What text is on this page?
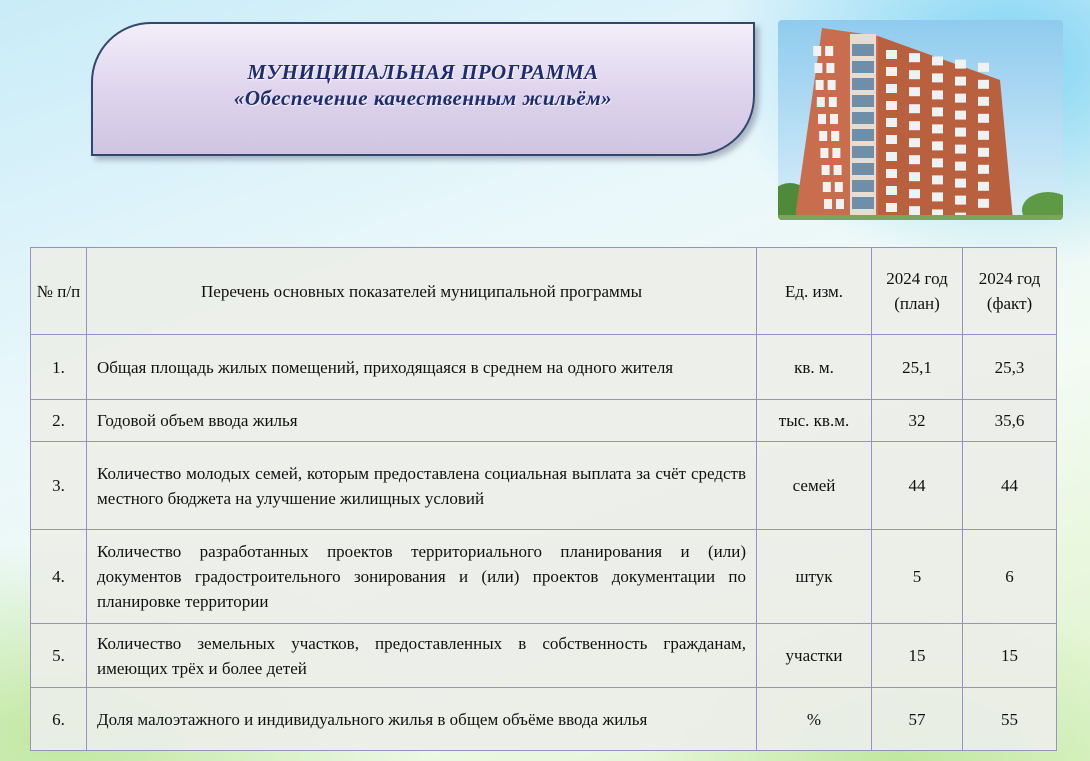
МУНИЦИПАЛЬНАЯ ПРОГРАММА
«Обеспечение качественным жильём»
№ п/п	Перечень основных показателей муниципальной программы	Ед. изм.	2024 год (план)	2024 год (факт)
1.	Общая площадь жилых помещений, приходящаяся в среднем на одного жителя	кв. м.	25,1	25,3
2.	Годовой объем ввода жилья	тыс. кв.м.	32	35,6
3.	Количество молодых семей, которым предоставлена социальная выплата за счёт средств местного бюджета на улучшение жилищных условий	семей	44	44
4.	Количество разработанных проектов территориального планирования и (или) документов градостроительного зонирования и (или) проектов документации по планировке территории	штук	5	6
5.	Количество земельных участков, предоставленных в собственность гражданам, имеющих трёх и более детей	участки	15	15
6.	Доля малоэтажного и индивидуального жилья в общем объёме ввода жилья	%	57	55
